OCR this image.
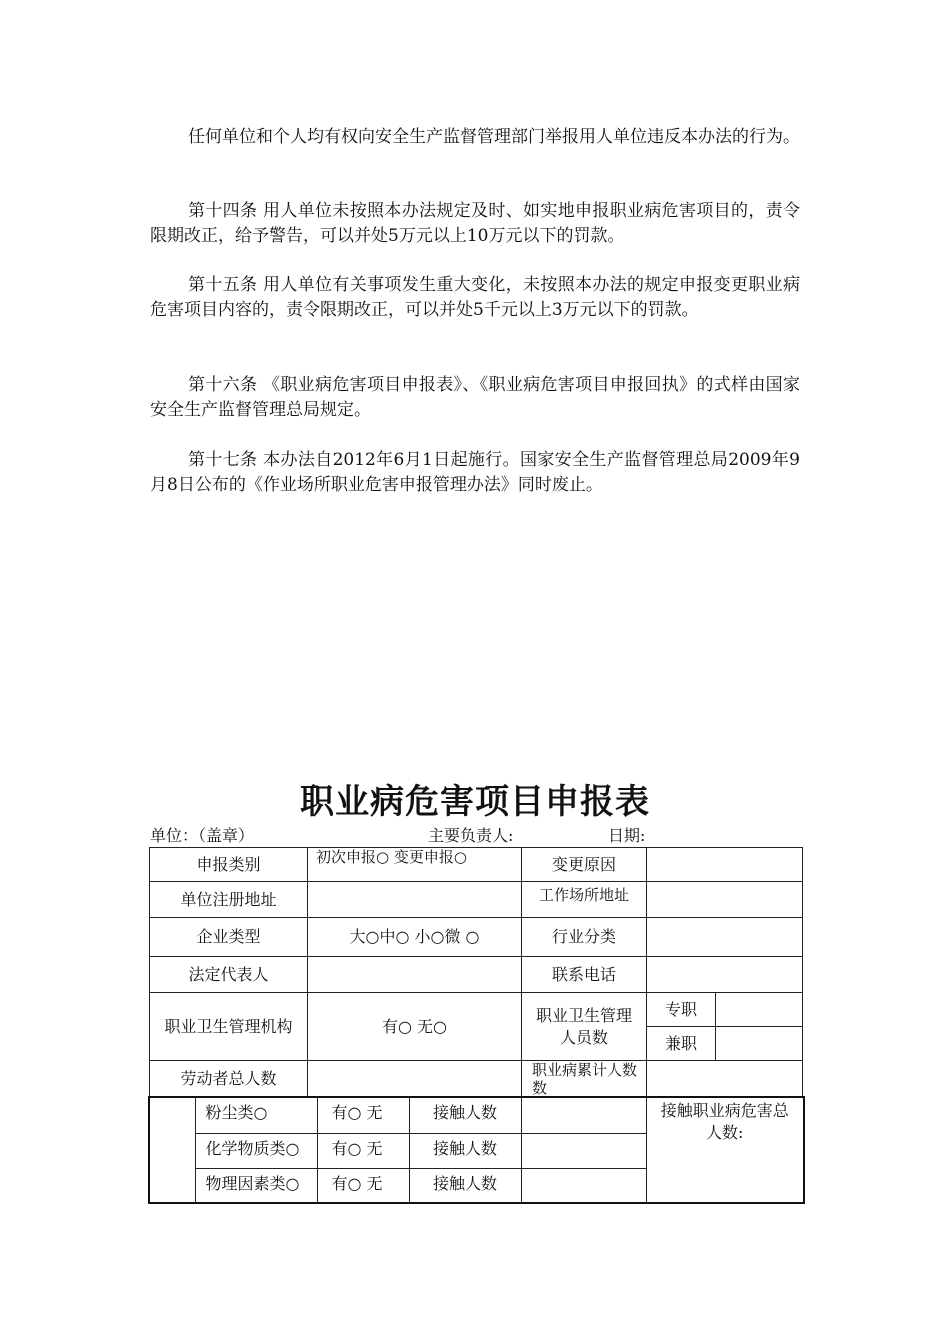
任何单位和个人均有权向安全生产监督管理部门举报用人单位违反本办法的行为。

第十四条 用人单位未按照本办法规定及时、如实地申报职业病危害项目的，责令限期改正，给予警告，可以并处5万元以上10万元以下的罚款。

第十五条 用人单位有关事项发生重大变化，未按照本办法的规定申报变更职业病危害项目内容的，责令限期改正，可以并处5千元以上3万元以下的罚款。

第十六条 《职业病危害项目申报表》、《职业病危害项目申报回执》的式样由国家安全生产监督管理总局规定。

第十七条 本办法自2012年6月1日起施行。国家安全生产监督管理总局2009年9月8日公布的《作业场所职业危害申报管理办法》同时废止。

职业病危害项目申报表
单位：（盖章）	主要负责人:	日期:
申报类别	初次申报○ 变更申报○	变更原因		
单位注册地址		工作场所地址		
企业类型	大○中○ 小○微 ○	行业分类		
法定代表人		联系电话		
职业卫生管理机构	有○ 无○	职业卫生管理人员数	专职	
			兼职	
劳动者总人数		职业病累计人数数		
	粉尘类○	有○ 无	接触人数		接触职业病危害总人数:
	化学物质类○	有○ 无	接触人数		
	物理因素类○	有○ 无	接触人数		
